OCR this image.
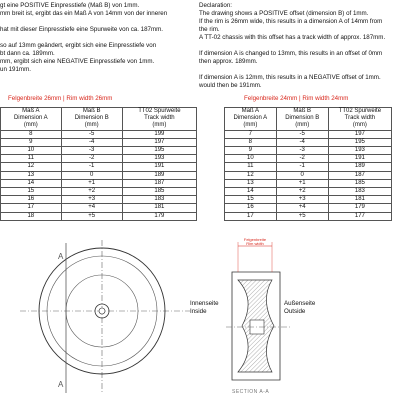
gt eine POSITIVE Einpresstiefe (Maß B) von 1mm.
mm breit ist, ergibt das ein Maß A von 14mm von der inneren
hat mit dieser Einpresstiefe eine Spurweite von ca. 187mm.
so auf 13mm geändert, ergibt sich eine Einpresstiefe von
bt dann ca. 189mm.
mm, ergibt sich eine NEGATIVE Einpresstiefe von 1mm.
un 191mm.
Declaration:
The drawing shows a POSITIVE offset (dimension B) of 1mm.
If the rim is 26mm wide, this results in a dimension A of 14mm from
the rim.
A TT-02 chassis with this offset has a track width of approx. 187mm.
If dimension A is changed to 13mm, this results in an offset of 0mm
then approx. 189mm.
If dimension A is 12mm, this results in a NEGATIVE offset of 1mm.
would then be 191mm.
Felgenbreite 26mm | Rim width 26mm	Felgenbreite 24mm | Rim width 24mm
Maß A
Dimension A
(mm)	Maß B
Dimension B
(mm)	TT02 Spurweite
Track width
(mm)
8	-5	199
9	-4	197
10	-3	195
11	-2	193
12	-1	191
13	0	189
14	+1	187
15	+2	185
16	+3	183
17	+4	181
18	+5	179
Maß A
Dimension A
(mm)	Maß B
Dimension B
(mm)	TT02 Spurweite
Track width
(mm)
7	-5	197
8	-4	195
9	-3	193
10	-2	191
11	-1	189
12	0	187
13	+1	185
14	+2	183
15	+3	181
16	+4	179
17	+5	177
A
A
Felgenbreite Rim width
Innenseite
Inside
Außenseite
Outside
SECTION A-A
